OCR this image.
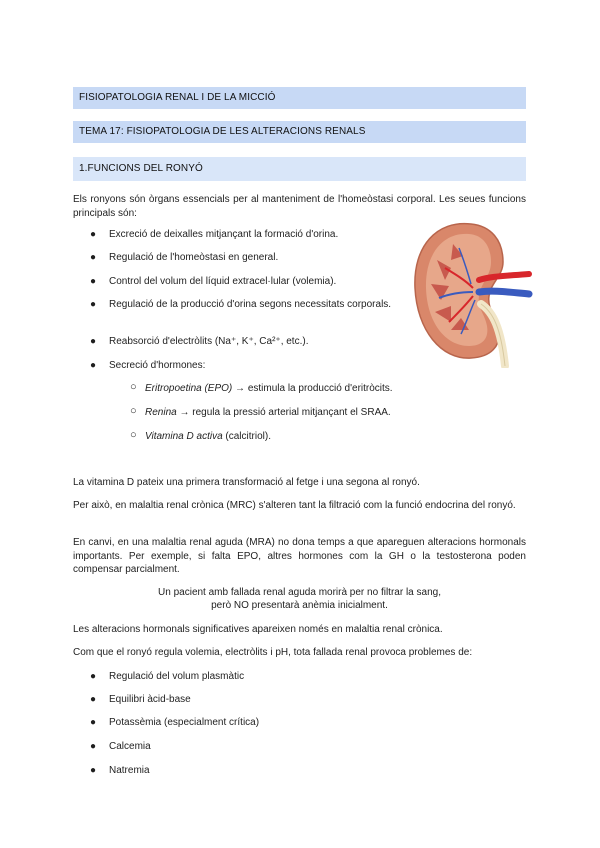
FISIOPATOLOGIA RENAL I DE LA MICCIÓ
TEMA 17: FISIOPATOLOGIA DE LES ALTERACIONS RENALS
1.FUNCIONS DEL RONYÓ

Els ronyons són òrgans essencials per al manteniment de l'homeòstasi corporal. Les seues funcions principals són:

● Excreció de deixalles mitjançant la formació d'orina.
● Regulació de l'homeòstasi en general.
● Control del volum del líquid extracel·lular (volemia).
● Regulació de la producció d'orina segons necessitats corporals.
● Reabsorció d'electròlits (Na⁺, K⁺, Ca²⁺, etc.).
● Secreció d'hormones:
○ Eritropoetina (EPO) → estimula la producció d'eritròcits.
○ Renina → regula la pressió arterial mitjançant el SRAA.
○ Vitamina D activa (calcitriol).

La vitamina D pateix una primera transformació al fetge i una segona al ronyó.

Per això, en malaltia renal crònica (MRC) s'alteren tant la filtració com la funció endocrina del ronyó.

En canvi, en una malaltia renal aguda (MRA) no dona temps a que apareguen alteracions hormonals importants. Per exemple, si falta EPO, altres hormones com la GH o la testosterona poden compensar parcialment.

Un pacient amb fallada renal aguda morirà per no filtrar la sang,
però NO presentarà anèmia inicialment.

Les alteracions hormonals significatives apareixen només en malaltia renal crònica.

Com que el ronyó regula volemia, electròlits i pH, tota fallada renal provoca problemes de:

● Regulació del volum plasmàtic
● Equilibri àcid-base
● Potassèmia (especialment crítica)
● Calcemia
● Natremia
